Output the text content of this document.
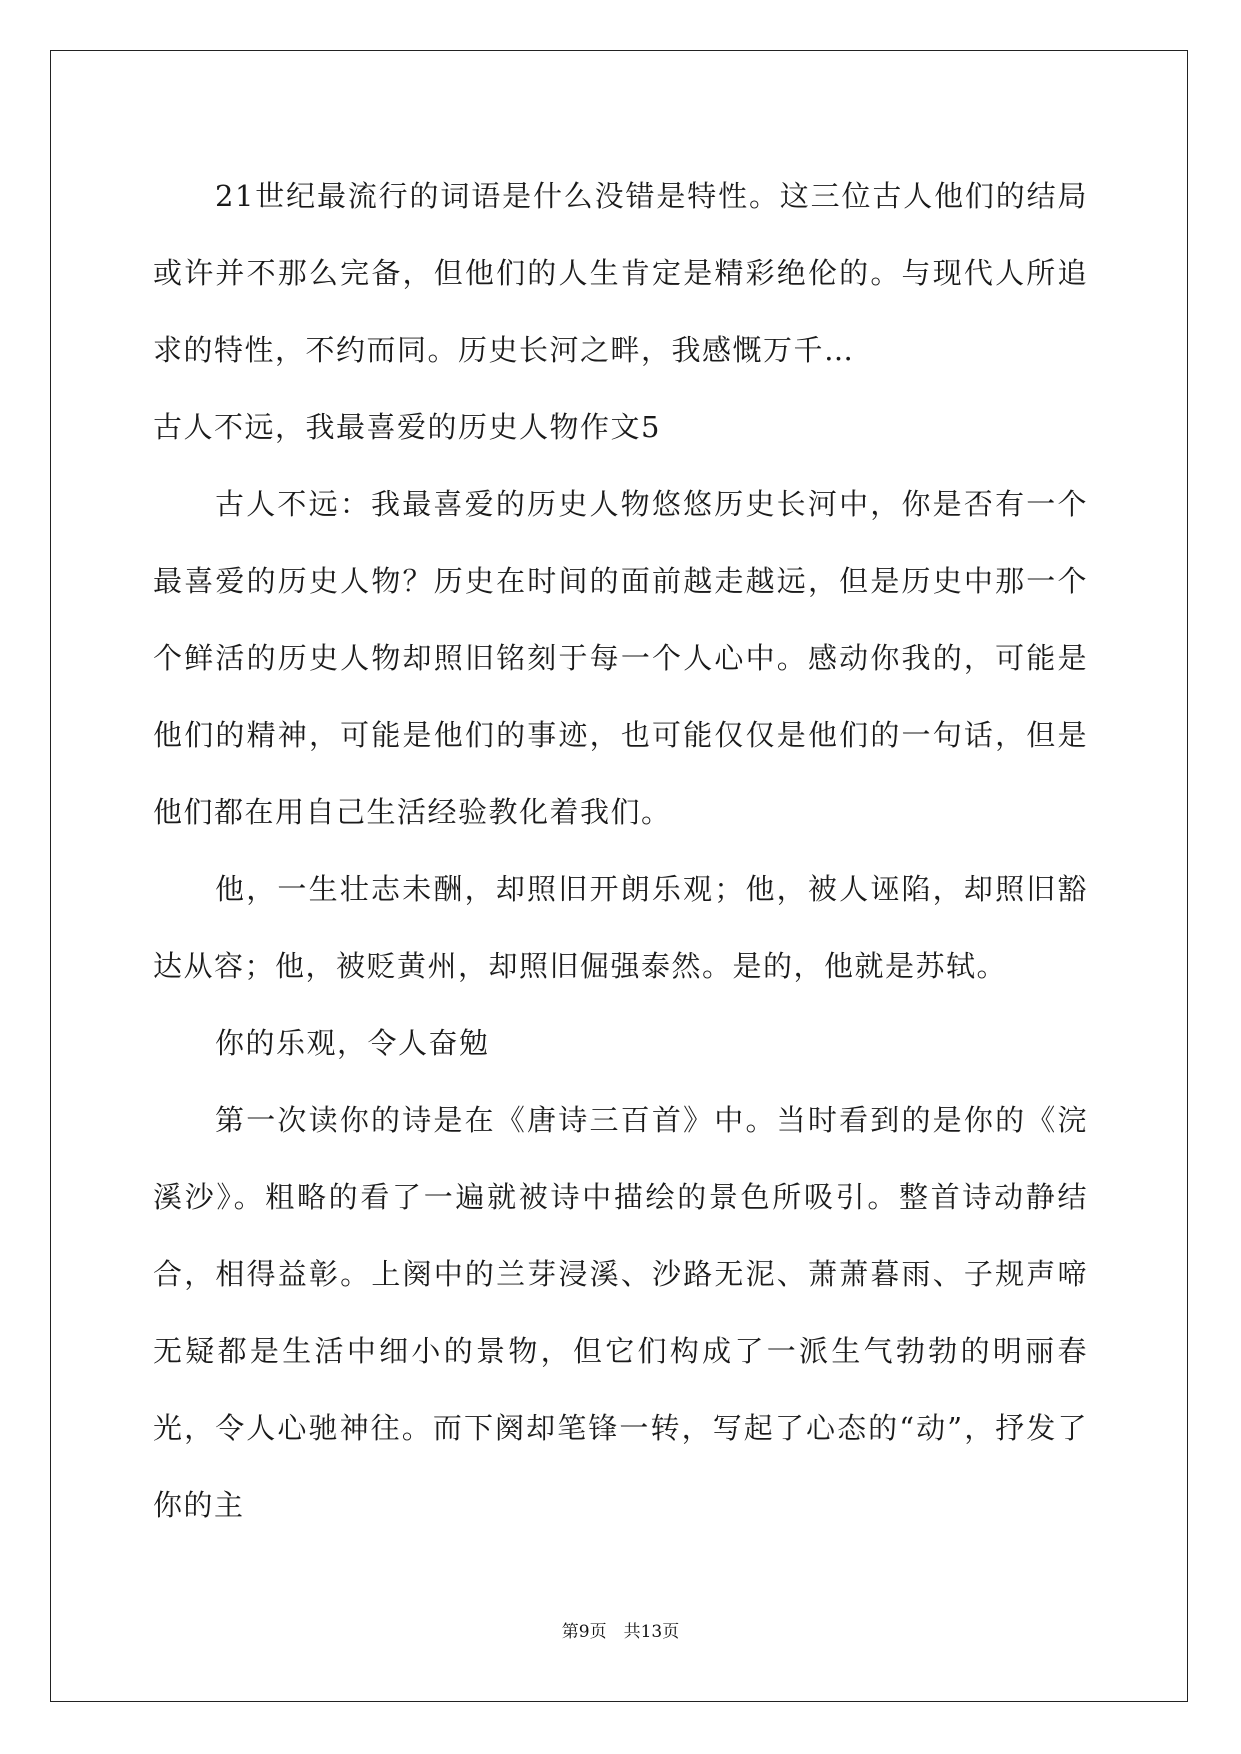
21世纪最流行的词语是什么没错是特性。这三位古人他们的结局或许并不那么完备，但他们的人生肯定是精彩绝伦的。与现代人所追求的特性，不约而同。历史长河之畔，我感慨万千…

古人不远，我最喜爱的历史人物作文5

古人不远：我最喜爱的历史人物悠悠历史长河中，你是否有一个最喜爱的历史人物？历史在时间的面前越走越远，但是历史中那一个个鲜活的历史人物却照旧铭刻于每一个人心中。感动你我的，可能是他们的精神，可能是他们的事迹，也可能仅仅是他们的一句话，但是他们都在用自己生活经验教化着我们。

他，一生壮志未酬，却照旧开朗乐观；他，被人诬陷，却照旧豁达从容；他，被贬黄州，却照旧倔强泰然。是的，他就是苏轼。

你的乐观，令人奋勉

第一次读你的诗是在《唐诗三百首》中。当时看到的是你的《浣溪沙》。粗略的看了一遍就被诗中描绘的景色所吸引。整首诗动静结合，相得益彰。上阕中的兰芽浸溪、沙路无泥、萧萧暮雨、子规声啼无疑都是生活中细小的景物，但它们构成了一派生气勃勃的明丽春光，令人心驰神往。而下阕却笔锋一转，写起了心态的“动”，抒发了你的主

第9页　共13页
